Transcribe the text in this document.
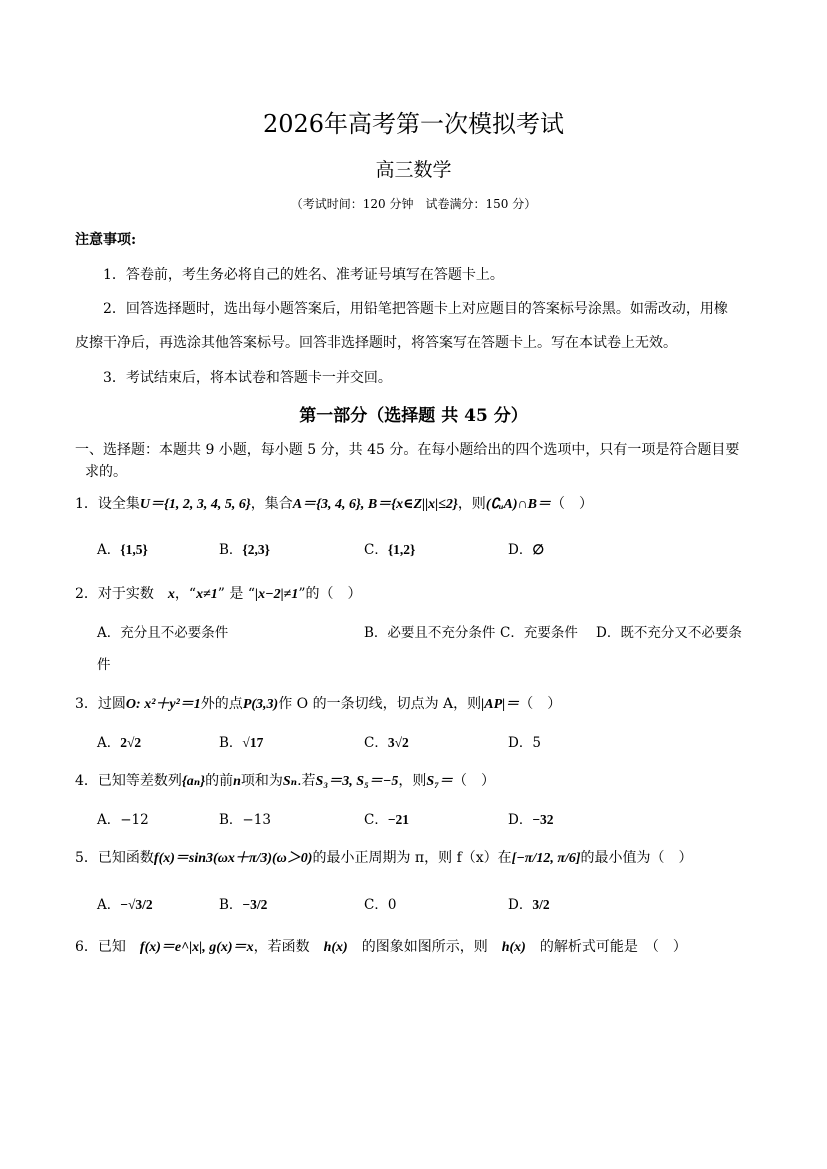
2026年高考第一次模拟考试
高三数学
（考试时间：120 分钟　试卷满分：150 分）
注意事项:
1．答卷前，考生务必将自己的姓名、准考证号填写在答题卡上。
2．回答选择题时，选出每小题答案后，用铅笔把答题卡上对应题目的答案标号涂黑。如需改动，用橡
皮擦干净后，再选涂其他答案标号。回答非选择题时，将答案写在答题卡上。写在本试卷上无效。
3．考试结束后，将本试卷和答题卡一并交回。
第一部分（选择题 共 45 分）
一、选择题：本题共 9 小题，每小题 5 分，共 45 分。在每小题给出的四个选项中，只有一项是符合题目要
求的。
1．设全集U＝{1, 2, 3, 4, 5, 6}，集合A＝{3, 4, 6}, B＝{x∈Z||x|≤2}，则(∁ᵤA)∩B＝（　）
A．{1,5}	B．{2,3}	C．{1,2}	D．∅
2．对于实数　x，“x≠1” 是 “|x−2|≠1”的（　）
A．充分且不必要条件	B．必要且不充分条件 C．充要条件 D．既不充分又不必要条
件
3．过圆O: x²＋y²＝1外的点P(3,3)作 O 的一条切线，切点为 A，则|AP|＝（　）
A．2√2	B．√17	C．3√2	D．5
4．已知等差数列{aₙ}的前n项和为Sₙ.若S₃＝3, S₅＝−5，则S₇＝（　）
A．−12	B．−13	C．−21	D．−32
5．已知函数f(x)＝sin3(ωx＋π/3)(ω＞0)的最小正周期为 π，则 f（x）在[−π/12, π/6]的最小值为（　）
A．−√3/2	B．−3/2	C．0	D．3/2
6．已知　f(x)＝e^|x|, g(x)＝x，若函数　h(x)　的图象如图所示，则　h(x)　的解析式可能是　（　）
